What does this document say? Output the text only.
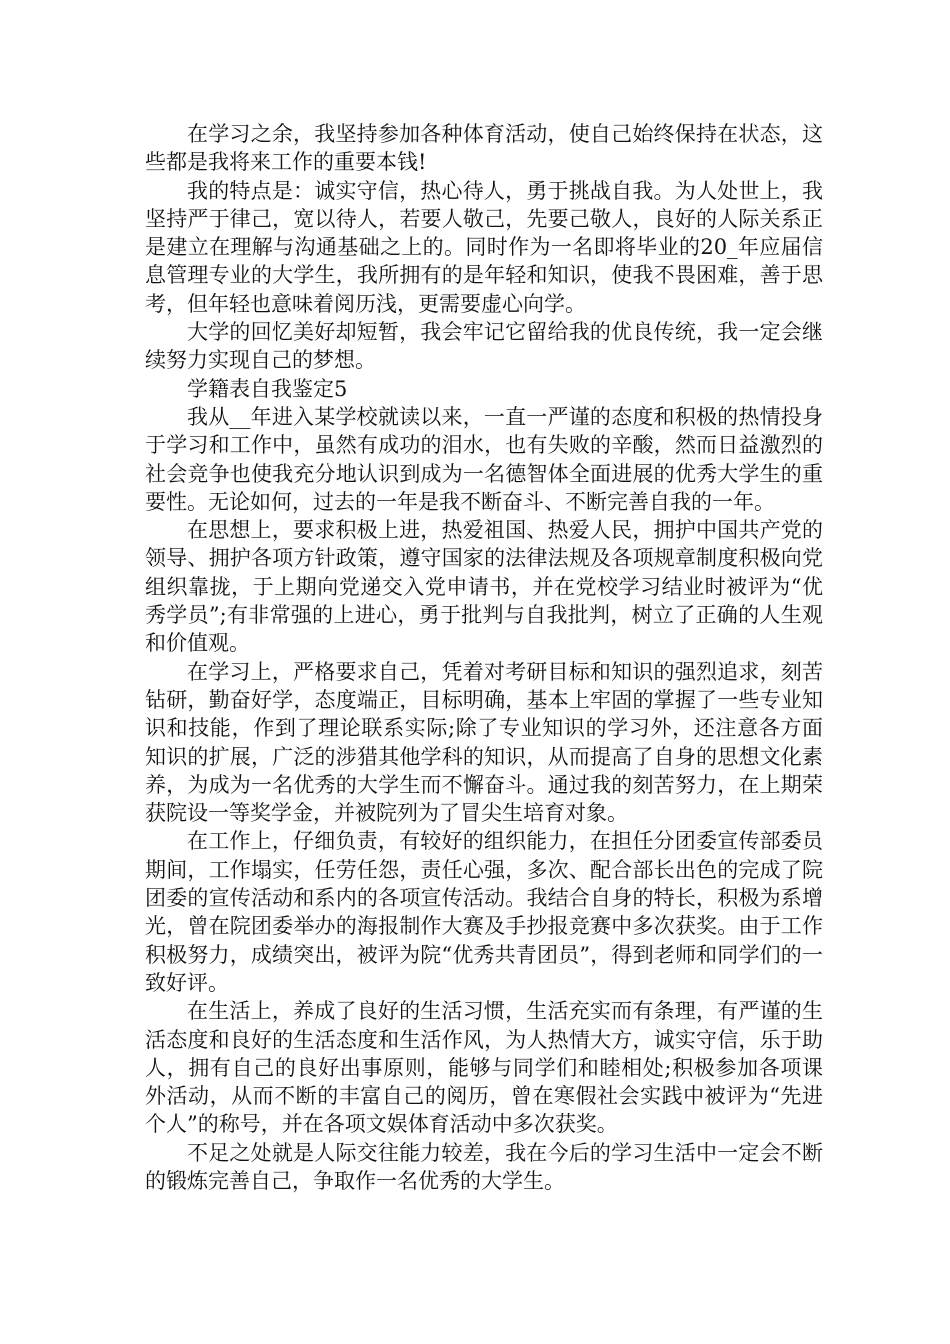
在学习之余，我坚持参加各种体育活动，使自己始终保持在状态，这些都是我将来工作的重要本钱!

我的特点是：诚实守信，热心待人，勇于挑战自我。为人处世上，我坚持严于律己，宽以待人，若要人敬己，先要己敬人，良好的人际关系正是建立在理解与沟通基础之上的。同时作为一名即将毕业的20_年应届信息管理专业的大学生，我所拥有的是年轻和知识，使我不畏困难，善于思考，但年轻也意味着阅历浅，更需要虚心向学。

大学的回忆美好却短暂，我会牢记它留给我的优良传统，我一定会继续努力实现自己的梦想。

学籍表自我鉴定5

我从__年进入某学校就读以来，一直一严谨的态度和积极的热情投身于学习和工作中，虽然有成功的泪水，也有失败的辛酸，然而日益激烈的社会竞争也使我充分地认识到成为一名德智体全面进展的优秀大学生的重要性。无论如何，过去的一年是我不断奋斗、不断完善自我的一年。

在思想上，要求积极上进，热爱祖国、热爱人民，拥护中国共产党的领导、拥护各项方针政策，遵守国家的法律法规及各项规章制度积极向党组织靠拢，于上期向党递交入党申请书，并在党校学习结业时被评为“优秀学员”;有非常强的上进心，勇于批判与自我批判，树立了正确的人生观和价值观。

在学习上，严格要求自己，凭着对考研目标和知识的强烈追求，刻苦钻研，勤奋好学，态度端正，目标明确，基本上牢固的掌握了一些专业知识和技能，作到了理论联系实际;除了专业知识的学习外，还注意各方面知识的扩展，广泛的涉猎其他学科的知识，从而提高了自身的思想文化素养，为成为一名优秀的大学生而不懈奋斗。通过我的刻苦努力，在上期荣获院设一等奖学金，并被院列为了冒尖生培育对象。

在工作上，仔细负责，有较好的组织能力，在担任分团委宣传部委员期间，工作塌实，任劳任怨，责任心强，多次、配合部长出色的完成了院团委的宣传活动和系内的各项宣传活动。我结合自身的特长，积极为系增光，曾在院团委举办的海报制作大赛及手抄报竞赛中多次获奖。由于工作积极努力，成绩突出，被评为院“优秀共青团员”，得到老师和同学们的一致好评。

在生活上，养成了良好的生活习惯，生活充实而有条理，有严谨的生活态度和良好的生活态度和生活作风，为人热情大方，诚实守信，乐于助人，拥有自己的良好出事原则，能够与同学们和睦相处;积极参加各项课外活动，从而不断的丰富自己的阅历，曾在寒假社会实践中被评为“先进个人”的称号，并在各项文娱体育活动中多次获奖。

不足之处就是人际交往能力较差，我在今后的学习生活中一定会不断的锻炼完善自己，争取作一名优秀的大学生。
